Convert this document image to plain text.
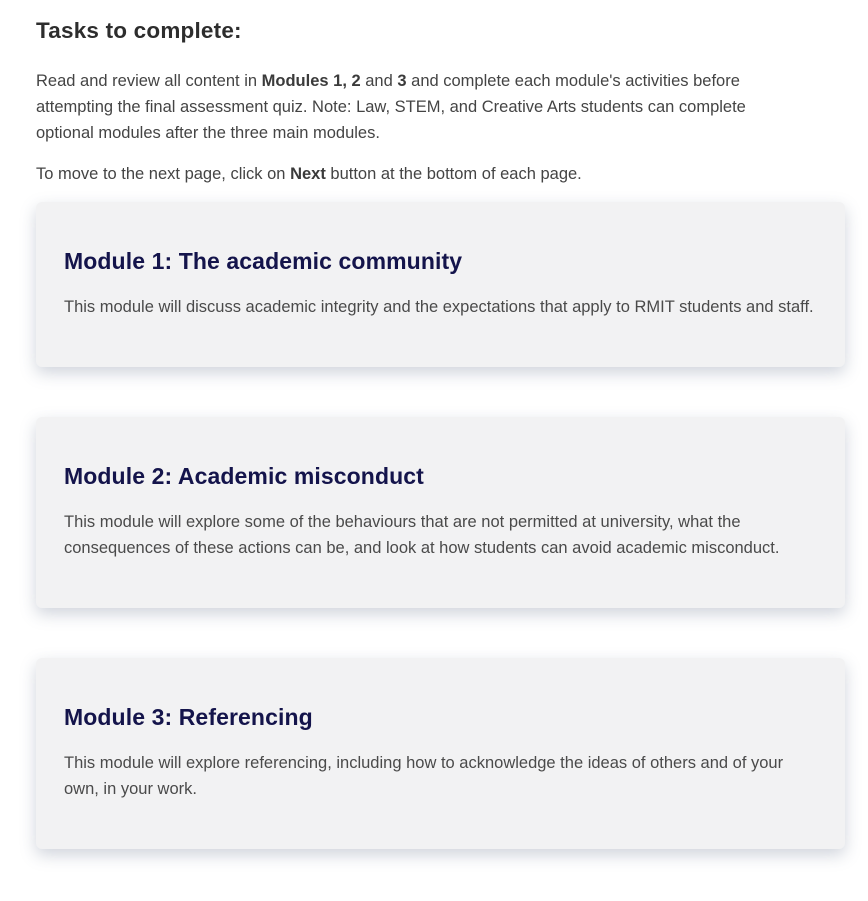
Tasks to complete:

Read and review all content in Modules 1, 2 and 3 and complete each module's activities before attempting the final assessment quiz. Note: Law, STEM, and Creative Arts students can complete optional modules after the three main modules.

To move to the next page, click on Next button at the bottom of each page.

Module 1: The academic community

This module will discuss academic integrity and the expectations that apply to RMIT students and staff.

Module 2: Academic misconduct

This module will explore some of the behaviours that are not permitted at university, what the consequences of these actions can be, and look at how students can avoid academic misconduct.

Module 3: Referencing

This module will explore referencing, including how to acknowledge the ideas of others and of your own, in your work.
